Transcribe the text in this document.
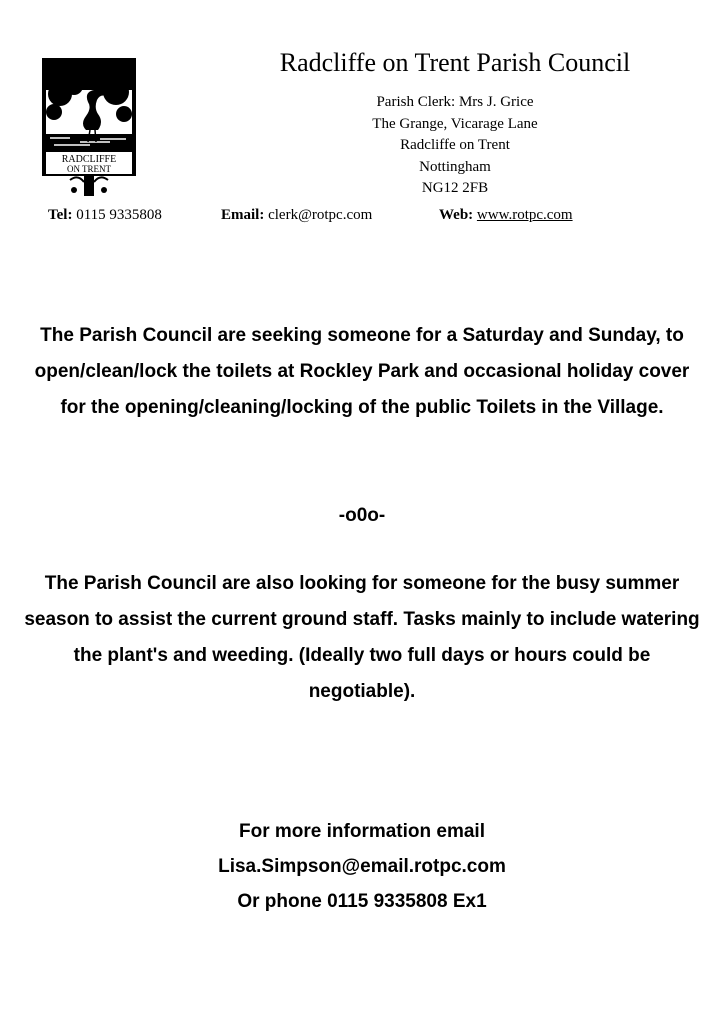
RADCLIFFE
ON TRENT
Radcliffe on Trent Parish Council
Parish Clerk: Mrs J. Grice
The Grange, Vicarage Lane
Radcliffe on Trent
Nottingham
NG12 2FB
Tel: 0115 9335808	Email: clerk@rotpc.com	Web: www.rotpc.com
The Parish Council are seeking someone for a Saturday and Sunday, to open/clean/lock the toilets at Rockley Park and occasional holiday cover for the opening/cleaning/locking of the public Toilets in the Village.
-o0o-
The Parish Council are also looking for someone for the busy summer season to assist the current ground staff. Tasks mainly to include watering the plant's and weeding. (Ideally two full days or hours could be negotiable).
For more information email
Lisa.Simpson@email.rotpc.com
Or phone 0115 9335808 Ex1
